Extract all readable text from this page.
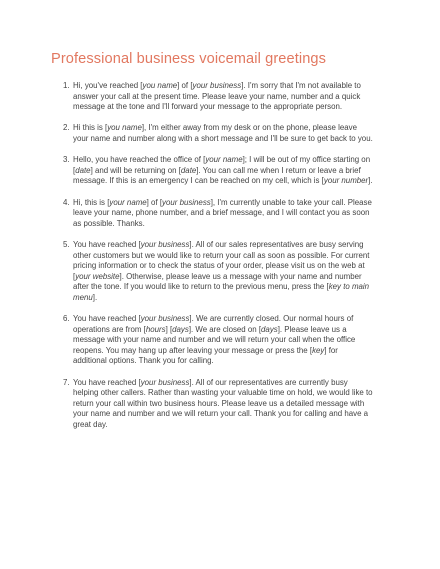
Professional business voicemail greetings
1. Hi, you've reached [you name] of [your business]. I'm sorry that I'm not available to answer your call at the present time. Please leave your name, number and a quick message at the tone and I'll forward your message to the appropriate person.
2. Hi this is [you name], I'm either away from my desk or on the phone, please leave your name and number along with a short message and I'll be sure to get back to you.
3. Hello, you have reached the office of [your name]; I will be out of my office starting on [date] and will be returning on [date]. You can call me when I return or leave a brief message. If this is an emergency I can be reached on my cell, which is [your number].
4. Hi, this is [your name] of [your business], I'm currently unable to take your call. Please leave your name, phone number, and a brief message, and I will contact you as soon as possible. Thanks.
5. You have reached [your business]. All of our sales representatives are busy serving other customers but we would like to return your call as soon as possible. For current pricing information or to check the status of your order, please visit us on the web at [your website]. Otherwise, please leave us a message with your name and number after the tone. If you would like to return to the previous menu, press the [key to main menu].
6. You have reached [your business]. We are currently closed. Our normal hours of operations are from [hours] [days]. We are closed on [days]. Please leave us a message with your name and number and we will return your call when the office reopens. You may hang up after leaving your message or press the [key] for additional options. Thank you for calling.
7. You have reached [your business]. All of our representatives are currently busy helping other callers. Rather than wasting your valuable time on hold, we would like to return your call within two business hours. Please leave us a detailed message with your name and number and we will return your call. Thank you for calling and have a great day.
